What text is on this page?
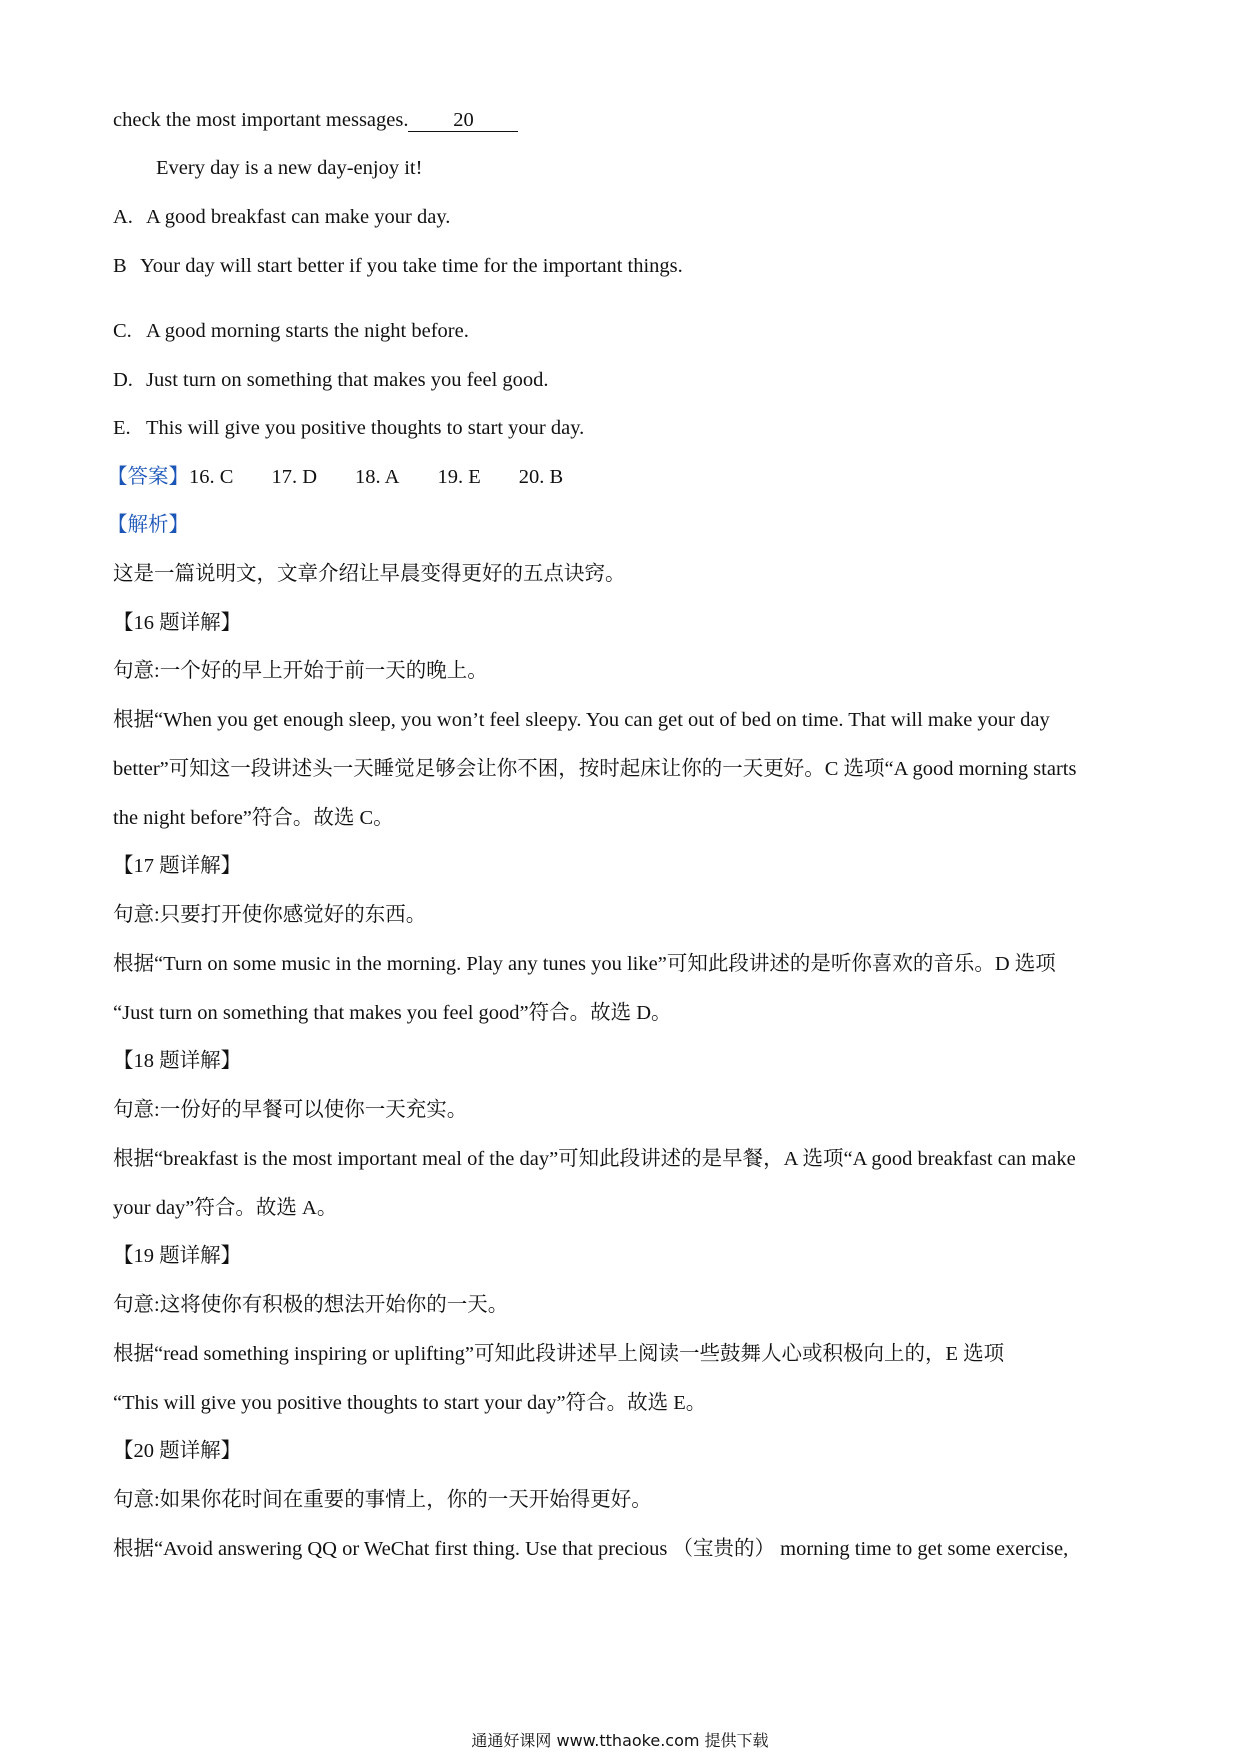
check the most important messages. 20
Every day is a new day-enjoy it!
A. A good breakfast can make your day.
B Your day will start better if you take time for the important things.
C. A good morning starts the night before.
D. Just turn on something that makes you feel good.
E. This will give you positive thoughts to start your day.
【答案】16. C 17. D 18. A 19. E 20. B
【解析】
这是一篇说明文，文章介绍让早晨变得更好的五点诀窍。
【16 题详解】
句意:一个好的早上开始于前一天的晚上。
根据“When you get enough sleep, you won’t feel sleepy. You can get out of bed on time. That will make your day
better”可知这一段讲述头一天睡觉足够会让你不困，按时起床让你的一天更好。C 选项“A good morning starts
the night before”符合。故选 C。
【17 题详解】
句意:只要打开使你感觉好的东西。
根据“Turn on some music in the morning. Play any tunes you like”可知此段讲述的是听你喜欢的音乐。D 选项
“Just turn on something that makes you feel good”符合。故选 D。
【18 题详解】
句意:一份好的早餐可以使你一天充实。
根据“breakfast is the most important meal of the day”可知此段讲述的是早餐，A 选项“A good breakfast can make
your day”符合。故选 A。
【19 题详解】
句意:这将使你有积极的想法开始你的一天。
根据“read something inspiring or uplifting”可知此段讲述早上阅读一些鼓舞人心或积极向上的，E 选项
“This will give you positive thoughts to start your day”符合。故选 E。
【20 题详解】
句意:如果你花时间在重要的事情上，你的一天开始得更好。
根据“Avoid answering QQ or WeChat first thing. Use that precious （宝贵的） morning time to get some exercise,
通通好课网 www.tthaoke.com 提供下载
